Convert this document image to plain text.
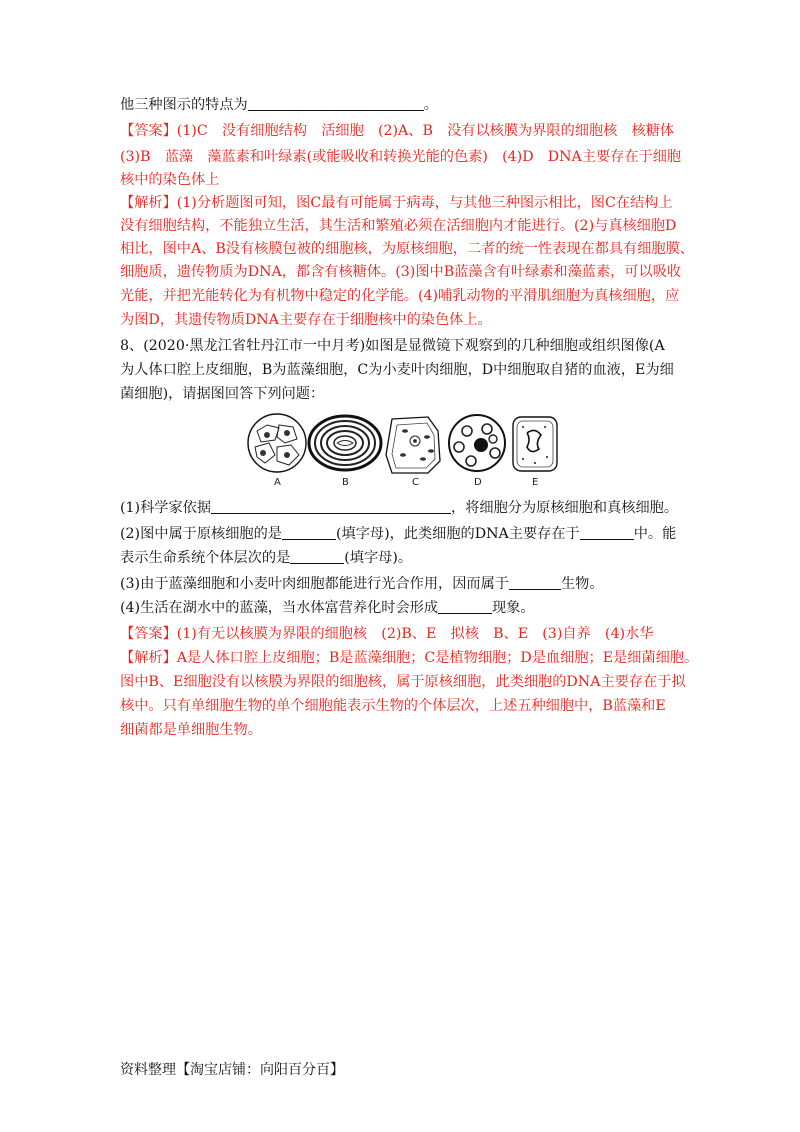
他三种图示的特点为	。
【答案】(1)C　没有细胞结构　活细胞　(2)A、B　没有以核膜为界限的细胞核　核糖体
(3)B　蓝藻　藻蓝素和叶绿素(或能吸收和转换光能的色素)　(4)D　DNA主要存在于细胞
核中的染色体上
【解析】(1)分析题图可知，图C最有可能属于病毒，与其他三种图示相比，图C在结构上
没有细胞结构，不能独立生活，其生活和繁殖必须在活细胞内才能进行。(2)与真核细胞D
相比，图中A、B没有核膜包被的细胞核，为原核细胞，二者的统一性表现在都具有细胞膜、
细胞质，遗传物质为DNA，都含有核糖体。(3)图中B蓝藻含有叶绿素和藻蓝素，可以吸收
光能，并把光能转化为有机物中稳定的化学能。(4)哺乳动物的平滑肌细胞为真核细胞，应
为图D，其遗传物质DNA主要存在于细胞核中的染色体上。
8、(2020·黑龙江省牡丹江市一中月考)如图是显微镜下观察到的几种细胞或组织图像(A
为人体口腔上皮细胞，B为蓝藻细胞，C为小麦叶肉细胞，D中细胞取自猪的血液，E为细
菌细胞)，请据图回答下列问题：
A	B	C	D	E
(1)科学家依据	，将细胞分为原核细胞和真核细胞。
(2)图中属于原核细胞的是	(填字母)，此类细胞的DNA主要存在于	中。能
表示生命系统个体层次的是	(填字母)。
(3)由于蓝藻细胞和小麦叶肉细胞都能进行光合作用，因而属于	生物。
(4)生活在湖水中的蓝藻，当水体富营养化时会形成	现象。
【答案】(1)有无以核膜为界限的细胞核　(2)B、E　拟核　B、E　(3)自养　(4)水华
【解析】A是人体口腔上皮细胞；B是蓝藻细胞；C是植物细胞；D是血细胞；E是细菌细胞。
图中B、E细胞没有以核膜为界限的细胞核，属于原核细胞，此类细胞的DNA主要存在于拟
核中。只有单细胞生物的单个细胞能表示生物的个体层次，上述五种细胞中，B蓝藻和E
细菌都是单细胞生物。
资料整理【淘宝店铺：向阳百分百】
